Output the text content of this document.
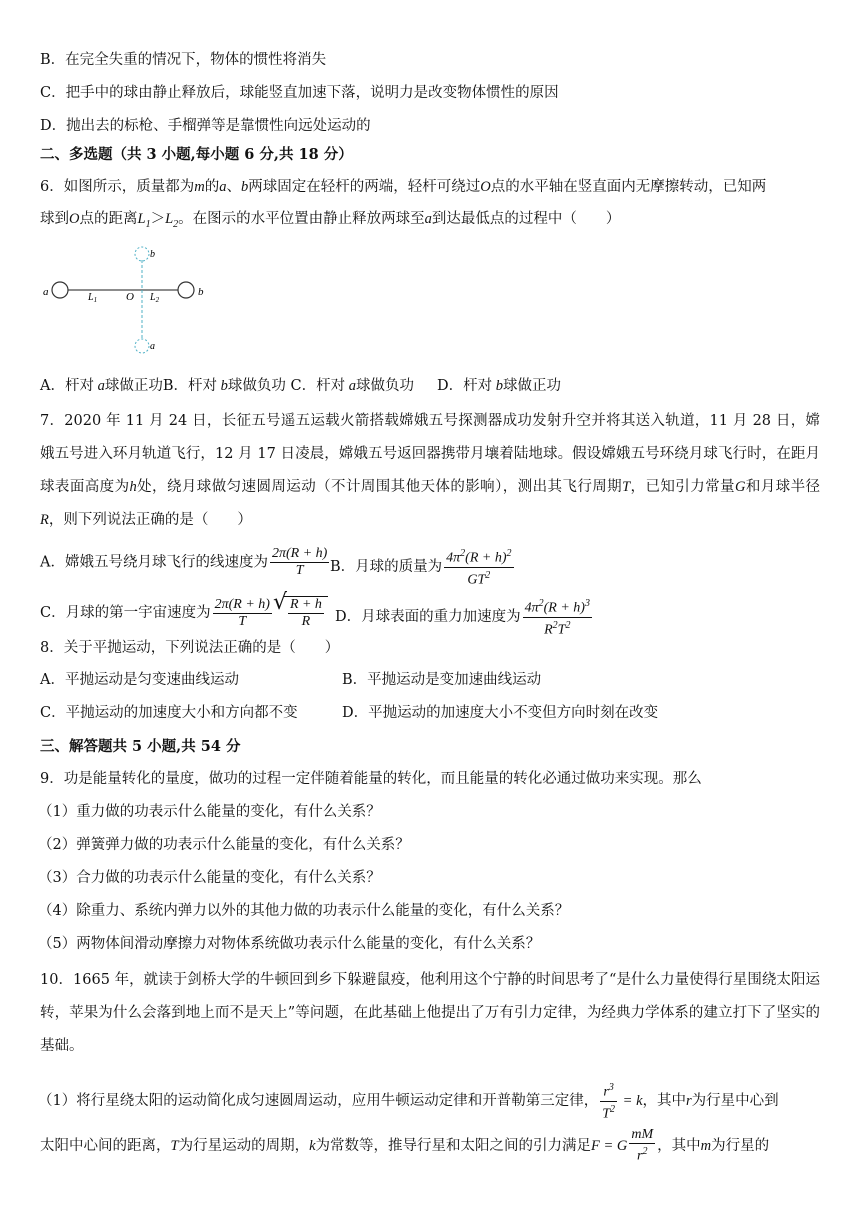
B．在完全失重的情况下，物体的惯性将消失
C．把手中的球由静止释放后，球能竖直加速下落，说明力是改变物体惯性的原因
D．抛出去的标枪、手榴弹等是靠惯性向远处运动的
二、多选题（共 3 小题,每小题 6 分,共 18 分）
6．如图所示，质量都为m的a、b两球固定在轻杆的两端，轻杆可绕过O点的水平轴在竖直面内无摩擦转动，已知两
球到O点的距离$L_1>L_2$。在图示的水平位置由静止释放两球至a到达最低点的过程中（　　）
a	$L_1$	O $L_2$
b
b
a
A．杆对 a球做正功B．杆对 b球做负功 C．杆对 a球做负功 D．杆对 b球做正功
7．2020 年 11 月 24 日，长征五号遥五运载火箭搭载嫦娥五号探测器成功发射升空并将其送入轨道，11 月 28 日，嫦娥五号进入环月轨道飞行，12 月 17 日凌晨，嫦娥五号返回器携带月壤着陆地球。假设嫦娥五号环绕月球飞行时，在距月球表面高度为h处，绕月球做匀速圆周运动（不计周围其他天体的影响），测出其飞行周期T，已知引力常量G和月球半径R，则下列说法正确的是（　　）
A．嫦娥五号绕月球飞行的线速度为 $\frac{2\pi(R + h)}{T}$ B．月球的质量为 $\frac{4\pi^2(R + h)^2}{GT^2}$
C．月球的第一宇宙速度为 $\frac{2\pi(R + h)}{T}$
√ $\frac{R + h}{R}$ D．月球表面的重力加速度为 $\frac{4\pi^2(R + h)^3}{R^2T^2}$
8．关于平抛运动，下列说法正确的是（　　）
A．平抛运动是匀变速曲线运动	B．平抛运动是变加速曲线运动
C．平抛运动的加速度大小和方向都不变	D．平抛运动的加速度大小不变但方向时刻在改变
三、解答题共 5 小题,共 54 分
9．功是能量转化的量度，做功的过程一定伴随着能量的转化，而且能量的转化必通过做功来实现。那么
（1）重力做的功表示什么能量的变化，有什么关系？
（2）弹簧弹力做的功表示什么能量的变化，有什么关系？
（3）合力做的功表示什么能量的变化，有什么关系？
（4）除重力、系统内弹力以外的其他力做的功表示什么能量的变化，有什么关系？
（5）两物体间滑动摩擦力对物体系统做功表示什么能量的变化，有什么关系？
10．1665 年，就读于剑桥大学的牛顿回到乡下躲避鼠疫，他利用这个宁静的时间思考了“是什么力量使得行星围绕太阳运转，苹果为什么会落到地上而不是天上”等问题，在此基础上他提出了万有引力定律，为经典力学体系的建立打下了坚实的基础。
（1）将行星绕太阳的运动简化成匀速圆周运动，应用牛顿运动定律和开普勒第三定律， $\frac{r^3}{T^2} = k$，其中r为行星中心到
太阳中心间的距离，T为行星运动的周期，k为常数等，推导行星和太阳之间的引力满足F = G $\frac{mM}{r^2}$ ，其中m为行星的
